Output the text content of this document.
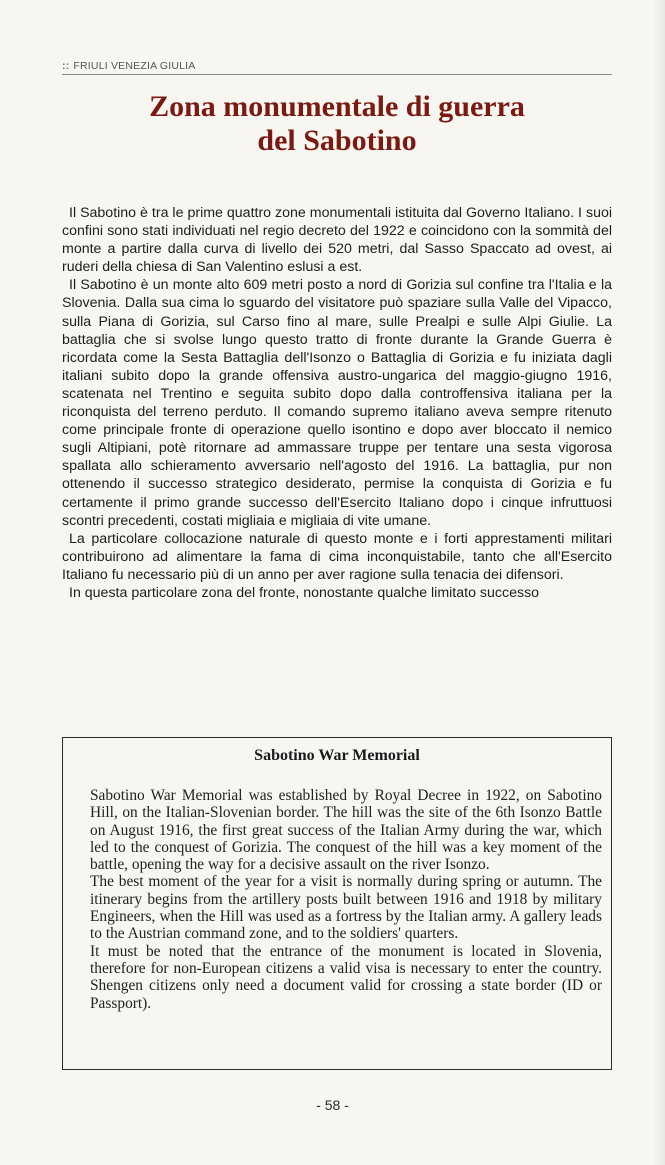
:: FRIULI VENEZIA GIULIA
Zona monumentale di guerra
del Sabotino

Il Sabotino è tra le prime quattro zone monumentali istituita dal Governo Italiano. I suoi confini sono stati individuati nel regio decreto del 1922 e coincidono con la sommità del monte a partire dalla curva di livello dei 520 metri, dal Sasso Spaccato ad ovest, ai ruderi della chiesa di San Valentino eslusi a est.

Il Sabotino è un monte alto 609 metri posto a nord di Gorizia sul confine tra l'Italia e la Slovenia. Dalla sua cima lo sguardo del visitatore può spaziare sulla Valle del Vipacco, sulla Piana di Gorizia, sul Carso fino al mare, sulle Prealpi e sulle Alpi Giulie. La battaglia che si svolse lungo questo tratto di fronte durante la Grande Guerra è ricordata come la Sesta Battaglia dell'Isonzo o Battaglia di Gorizia e fu iniziata dagli italiani subito dopo la grande offensiva austro-ungarica del maggio-giugno 1916, scatenata nel Trentino e seguita subito dopo dalla controffensiva italiana per la riconquista del terreno perduto. Il comando supremo italiano aveva sempre ritenuto come principale fronte di operazione quello isontino e dopo aver bloccato il nemico sugli Altipiani, potè ritornare ad ammassare truppe per tentare una sesta vigorosa spallata allo schieramento avversario nell'agosto del 1916. La battaglia, pur non ottenendo il successo strategico desiderato, permise la conquista di Gorizia e fu certamente il primo grande successo dell'Esercito Italiano dopo i cinque infruttuosi scontri precedenti, costati migliaia e migliaia di vite umane.

La particolare collocazione naturale di questo monte e i forti apprestamenti militari contribuirono ad alimentare la fama di cima inconquistabile, tanto che all'Esercito Italiano fu necessario più di un anno per aver ragione sulla tenacia dei difensori.

In questa particolare zona del fronte, nonostante qualche limitato successo

Sabotino War Memorial

Sabotino War Memorial was established by Royal Decree in 1922, on Sabotino Hill, on the Italian-Slovenian border. The hill was the site of the 6th Isonzo Battle on August 1916, the first great success of the Italian Army during the war, which led to the conquest of Gorizia. The conquest of the hill was a key moment of the battle, opening the way for a decisive assault on the river Isonzo.

The best moment of the year for a visit is normally during spring or autumn. The itinerary begins from the artillery posts built between 1916 and 1918 by military Engineers, when the Hill was used as a fortress by the Italian army. A gallery leads to the Austrian command zone, and to the soldiers' quarters.

It must be noted that the entrance of the monument is located in Slovenia, therefore for non-European citizens a valid visa is necessary to enter the country. Shengen citizens only need a document valid for crossing a state border (ID or Passport).

- 58 -
